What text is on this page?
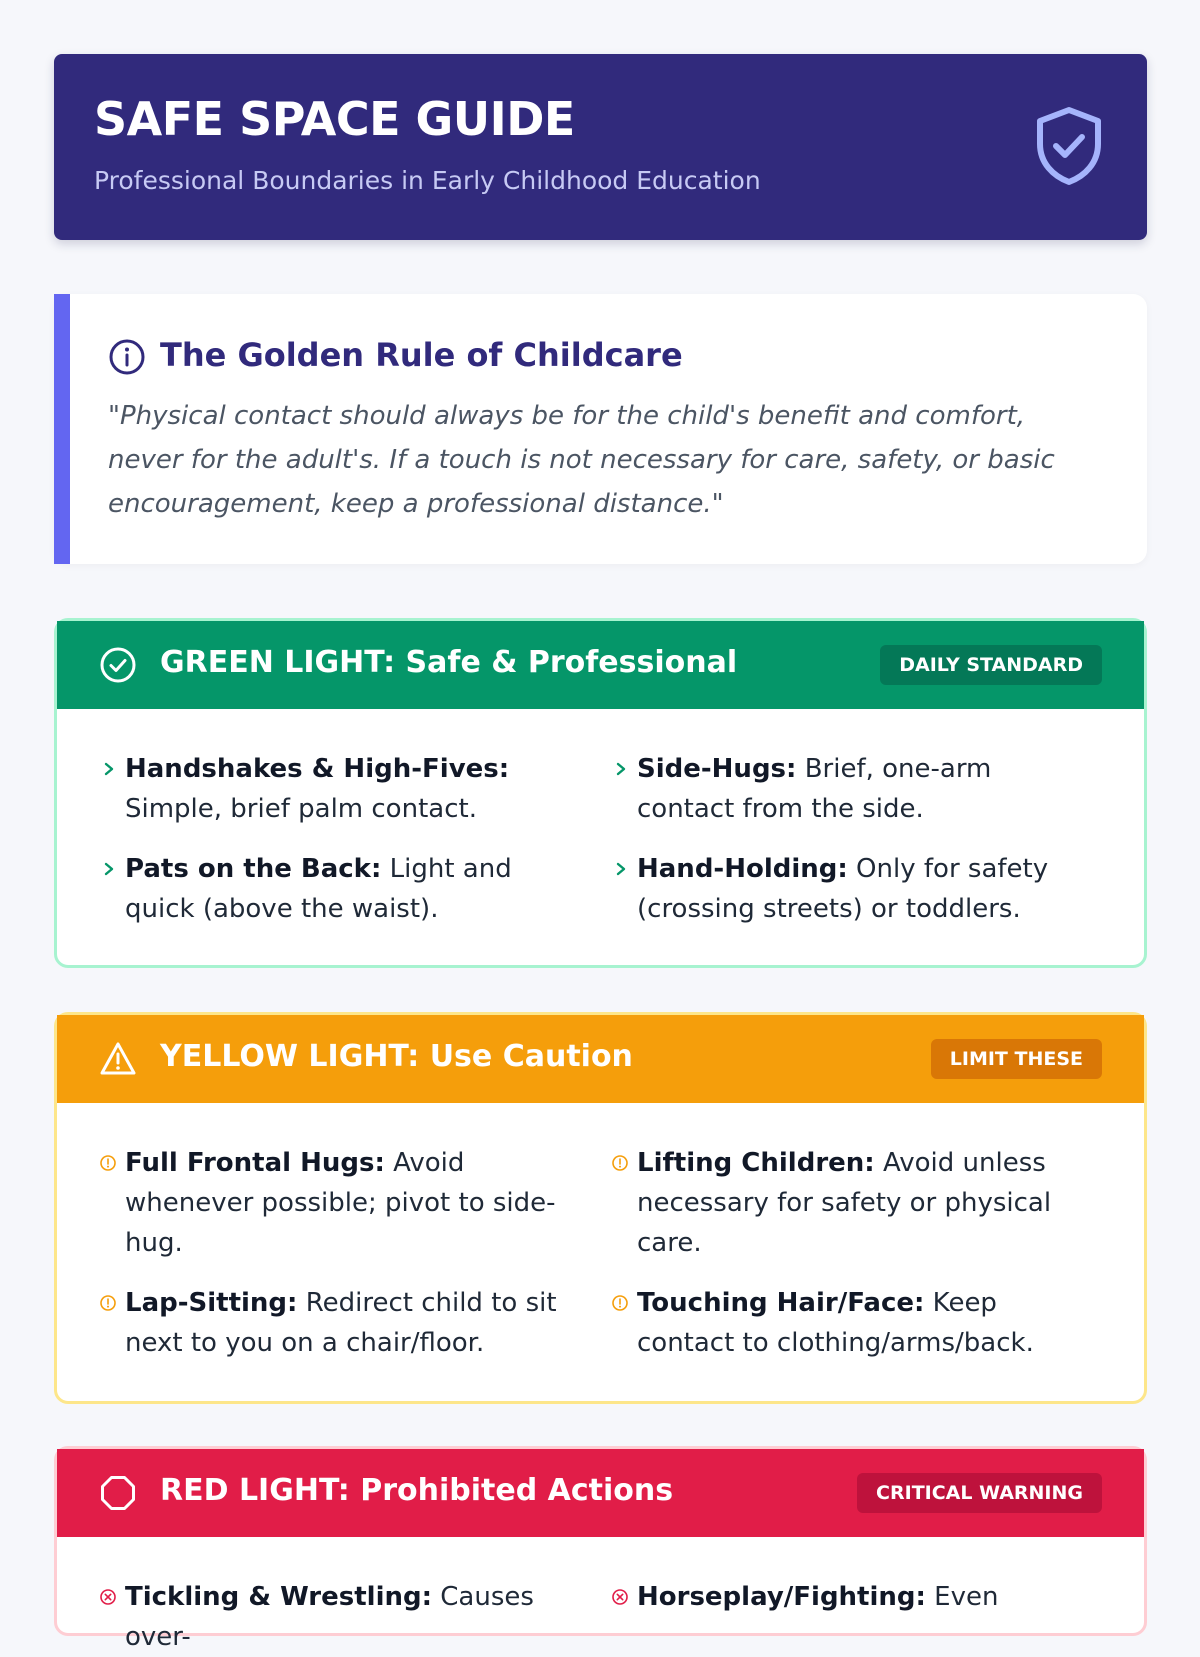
SAFE SPACE GUIDE
Professional Boundaries in Early Childhood Education
The Golden Rule of Childcare
"Physical contact should always be for the child's benefit and comfort, never for the adult's. If a touch is not necessary for care, safety, or basic encouragement, keep a professional distance."
GREEN LIGHT: Safe & Professional	DAILY STANDARD
Handshakes & High-Fives: Simple, brief palm contact.
Pats on the Back: Light and quick (above the waist).
Side-Hugs: Brief, one-arm contact from the side.
Hand-Holding: Only for safety (crossing streets) or toddlers.
YELLOW LIGHT: Use Caution	LIMIT THESE
Full Frontal Hugs: Avoid whenever possible; pivot to side-hug.
Lap-Sitting: Redirect child to sit next to you on a chair/floor.
Lifting Children: Avoid unless necessary for safety or physical care.
Touching Hair/Face: Keep contact to clothing/arms/back.
RED LIGHT: Prohibited Actions	CRITICAL WARNING
Tickling & Wrestling: Causes over-
Horseplay/Fighting: Even
